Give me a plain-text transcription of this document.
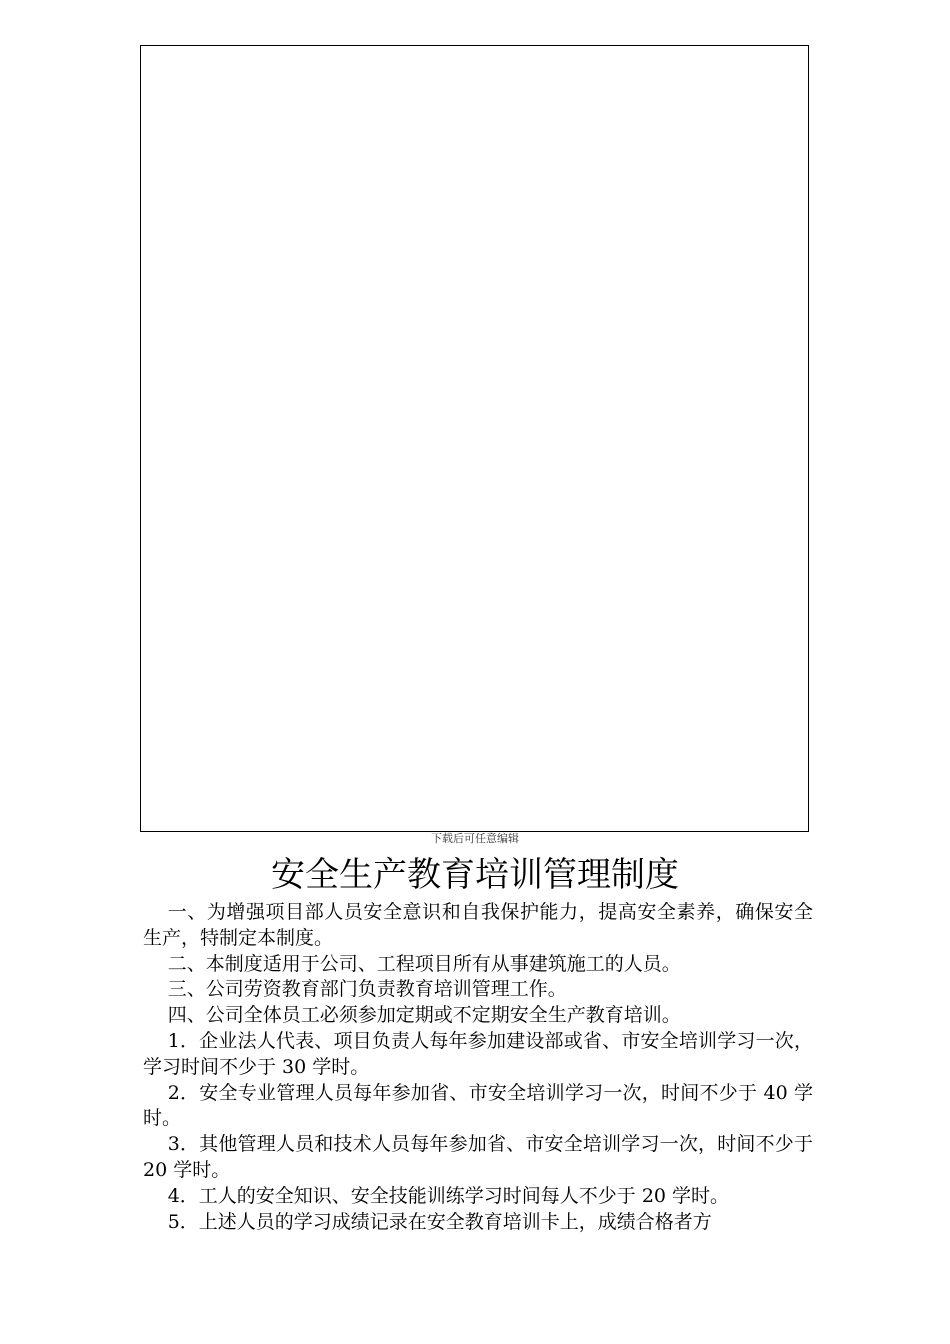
下载后可任意编辑
安全生产教育培训管理制度

一、为增强项目部人员安全意识和自我保护能力，提高安全素养，确保安全生产，特制定本制度。

二、本制度适用于公司、工程项目所有从事建筑施工的人员。

三、公司劳资教育部门负责教育培训管理工作。

四、公司全体员工必须参加定期或不定期安全生产教育培训。

1．企业法人代表、项目负责人每年参加建设部或省、市安全培训学习一次，学习时间不少于 30 学时。

2．安全专业管理人员每年参加省、市安全培训学习一次，时间不少于 40 学时。

3．其他管理人员和技术人员每年参加省、市安全培训学习一次，时间不少于 20 学时。

4．工人的安全知识、安全技能训练学习时间每人不少于 20 学时。

5．上述人员的学习成绩记录在安全教育培训卡上，成绩合格者方
